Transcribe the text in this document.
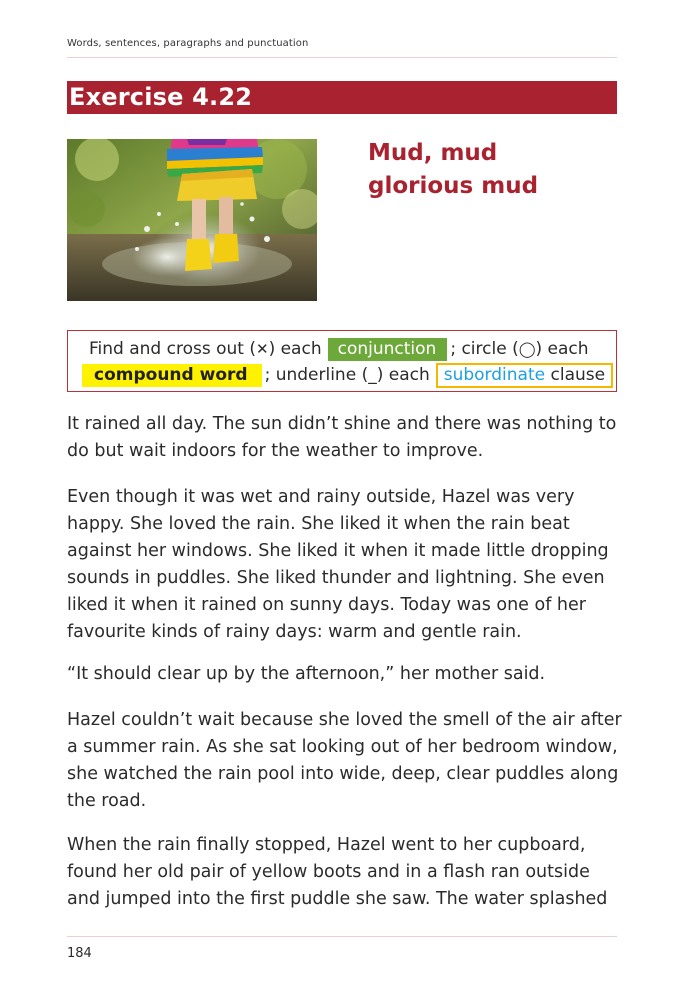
Words, sentences, paragraphs and punctuation
Exercise 4.22
Mud, mud
glorious mud
Find and cross out ( ✕ ) each conjunction ; circle ( ◯ ) each
compound word	; underline (_) each subordinate clause
It rained all day. The sun didn’t shine and there was nothing to
do but wait indoors for the weather to improve.
Even though it was wet and rainy outside, Hazel was very
happy. She loved the rain. She liked it when the rain beat
against her windows. She liked it when it made little dropping
sounds in puddles. She liked thunder and lightning. She even
liked it when it rained on sunny days. Today was one of her
favourite kinds of rainy days: warm and gentle rain.
“It should clear up by the afternoon,” her mother said.
Hazel couldn’t wait because she loved the smell of the air after
a summer rain. As she sat looking out of her bedroom window,
she watched the rain pool into wide, deep, clear puddles along
the road.
When the rain finally stopped, Hazel went to her cupboard,
found her old pair of yellow boots and in a flash ran outside
and jumped into the first puddle she saw. The water splashed
184
